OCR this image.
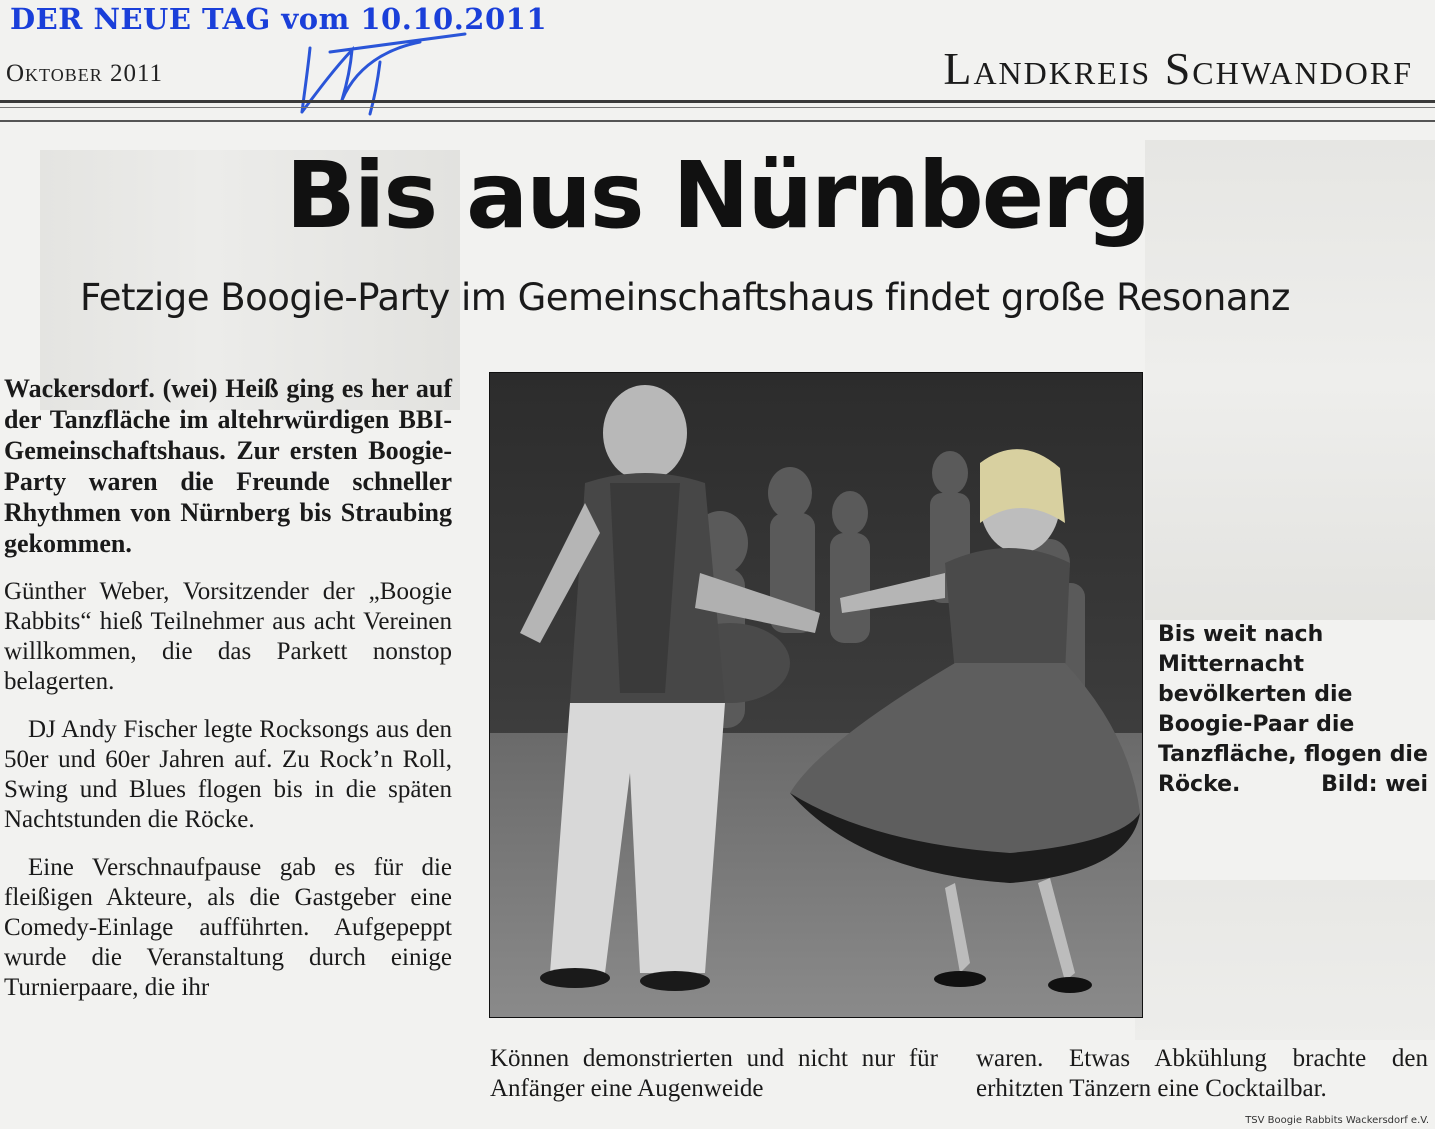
DER NEUE TAG vom 10.10.2011
Oktober 2011	Landkreis Schwandorf
Bis aus Nürnberg
Fetzige Boogie-Party im Gemeinschaftshaus findet große Resonanz

Wackersdorf. (wei) Heiß ging es her auf der Tanzfläche im altehrwürdigen BBI-Gemeinschaftshaus. Zur ersten Boogie-Party waren die Freunde schneller Rhythmen von Nürnberg bis Straubing gekommen.

Günther Weber, Vorsitzender der „Boogie Rabbits“ hieß Teilnehmer aus acht Vereinen willkommen, die das Parkett nonstop belagerten.

DJ Andy Fischer legte Rocksongs aus den 50er und 60er Jahren auf. Zu Rock’n Roll, Swing und Blues flogen bis in die späten Nachtstunden die Röcke.

Eine Verschnaufpause gab es für die fleißigen Akteure, als die Gastgeber eine Comedy-Einlage aufführten. Aufgepeppt wurde die Veranstaltung durch einige Turnierpaare, die ihr

Bis weit nach Mitternacht bevölkerten die Boogie-Paar die Tanzfläche, flogen die
Röcke.	Bild: wei
Können demonstrierten und nicht nur für Anfänger eine Augenweide
waren. Etwas Abkühlung brachte den erhitzten Tänzern eine Cocktailbar.
TSV Boogie Rabbits Wackersdorf e.V.
